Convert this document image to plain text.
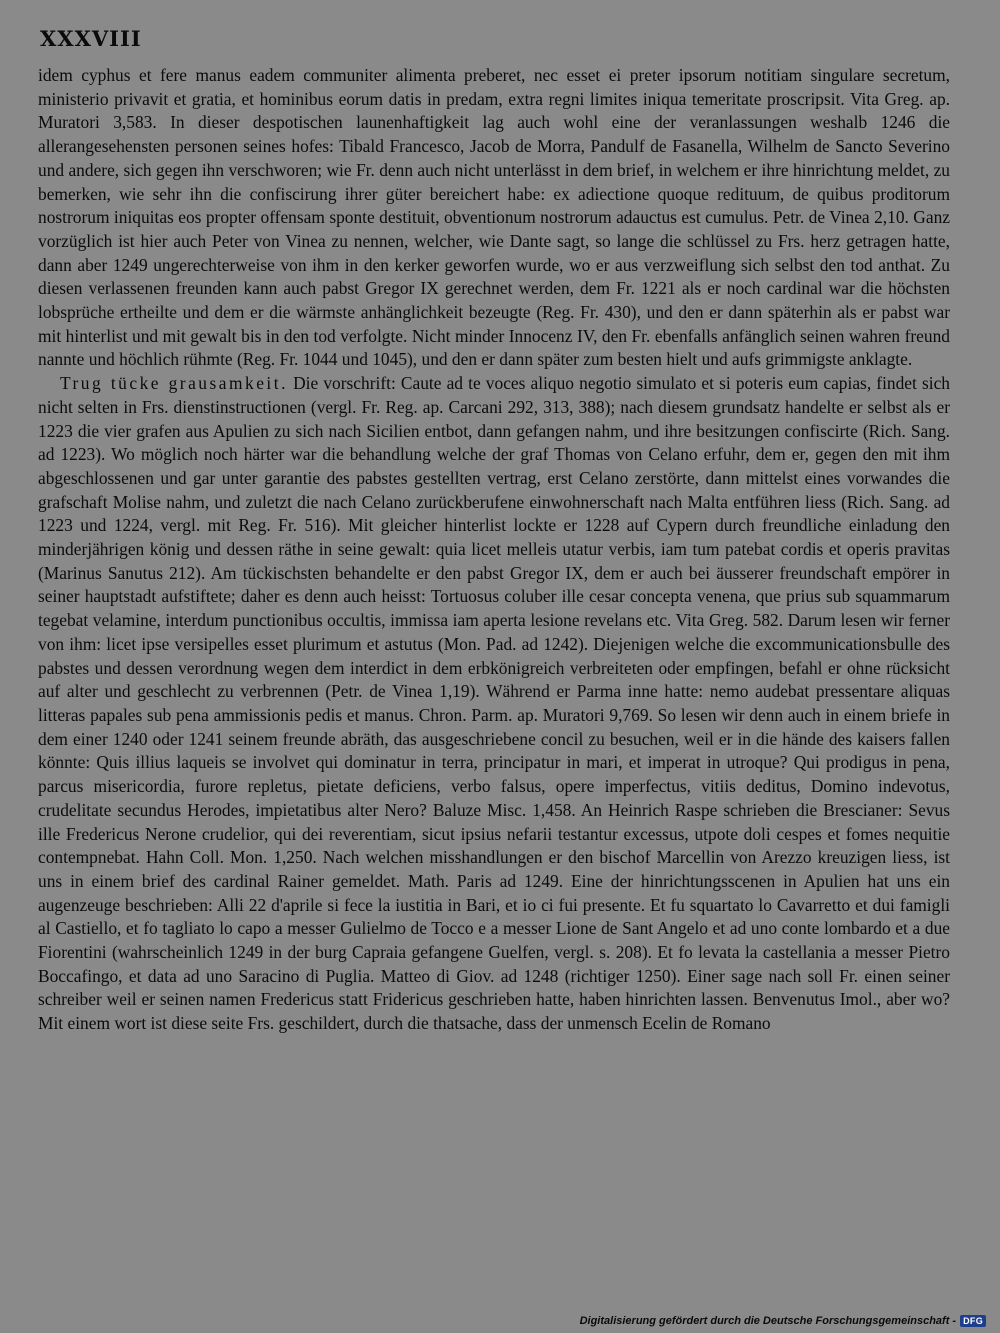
XXXVIII

idem cyphus et fere manus eadem communiter alimenta preberet, nec esset ei preter ipsorum notitiam singulare secretum, ministerio privavit et gratia, et hominibus eorum datis in predam, extra regni limites iniqua temeritate proscripsit. Vita Greg. ap. Muratori 3,583. In dieser despotischen launenhaftigkeit lag auch wohl eine der veranlassungen weshalb 1246 die allerangesehensten personen seines hofes: Tibald Francesco, Jacob de Morra, Pandulf de Fasanella, Wilhelm de Sancto Severino und andere, sich gegen ihn verschworen; wie Fr. denn auch nicht unterlässt in dem brief, in welchem er ihre hinrichtung meldet, zu bemerken, wie sehr ihn die confiscirung ihrer güter bereichert habe: ex adiectione quoque redituum, de quibus proditorum nostrorum iniquitas eos propter offensam sponte destituit, obventionum nostrorum adauctus est cumulus. Petr. de Vinea 2,10. Ganz vorzüglich ist hier auch Peter von Vinea zu nennen, welcher, wie Dante sagt, so lange die schlüssel zu Frs. herz getragen hatte, dann aber 1249 ungerechterweise von ihm in den kerker geworfen wurde, wo er aus verzweiflung sich selbst den tod anthat. Zu diesen verlassenen freunden kann auch pabst Gregor IX gerechnet werden, dem Fr. 1221 als er noch cardinal war die höchsten lobsprüche ertheilte und dem er die wärmste anhänglichkeit bezeugte (Reg. Fr. 430), und den er dann späterhin als er pabst war mit hinterlist und mit gewalt bis in den tod verfolgte. Nicht minder Innocenz IV, den Fr. ebenfalls anfänglich seinen wahren freund nannte und höchlich rühmte (Reg. Fr. 1044 und 1045), und den er dann später zum besten hielt und aufs grimmigste anklagte.

Trug tücke grausamkeit. Die vorschrift: Caute ad te voces aliquo negotio simulato et si poteris eum capias, findet sich nicht selten in Frs. dienstinstructionen (vergl. Fr. Reg. ap. Carcani 292, 313, 388); nach diesem grundsatz handelte er selbst als er 1223 die vier grafen aus Apulien zu sich nach Sicilien entbot, dann gefangen nahm, und ihre besitzungen confiscirte (Rich. Sang. ad 1223). Wo möglich noch härter war die behandlung welche der graf Thomas von Celano erfuhr, dem er, gegen den mit ihm abgeschlossenen und gar unter garantie des pabstes gestellten vertrag, erst Celano zerstörte, dann mittelst eines vorwandes die grafschaft Molise nahm, und zuletzt die nach Celano zurückberufene einwohnerschaft nach Malta entführen liess (Rich. Sang. ad 1223 und 1224, vergl. mit Reg. Fr. 516). Mit gleicher hinterlist lockte er 1228 auf Cypern durch freundliche einladung den minderjährigen könig und dessen räthe in seine gewalt: quia licet melleis utatur verbis, iam tum patebat cordis et operis pravitas (Marinus Sanutus 212). Am tückischsten behandelte er den pabst Gregor IX, dem er auch bei äusserer freundschaft empörer in seiner hauptstadt aufstiftete; daher es denn auch heisst: Tortuosus coluber ille cesar concepta venena, que prius sub squammarum tegebat velamine, interdum punctionibus occultis, immissa iam aperta lesione revelans etc. Vita Greg. 582. Darum lesen wir ferner von ihm: licet ipse versipelles esset plurimum et astutus (Mon. Pad. ad 1242). Diejenigen welche die excommunicationsbulle des pabstes und dessen verordnung wegen dem interdict in dem erbkönigreich verbreiteten oder empfingen, befahl er ohne rücksicht auf alter und geschlecht zu verbrennen (Petr. de Vinea 1,19). Während er Parma inne hatte: nemo audebat pressentare aliquas litteras papales sub pena ammissionis pedis et manus. Chron. Parm. ap. Muratori 9,769. So lesen wir denn auch in einem briefe in dem einer 1240 oder 1241 seinem freunde abräth, das ausgeschriebene concil zu besuchen, weil er in die hände des kaisers fallen könnte: Quis illius laqueis se involvet qui dominatur in terra, principatur in mari, et imperat in utroque? Qui prodigus in pena, parcus misericordia, furore repletus, pietate deficiens, verbo falsus, opere imperfectus, vitiis deditus, Domino indevotus, crudelitate secundus Herodes, impietatibus alter Nero? Baluze Misc. 1,458. An Heinrich Raspe schrieben die Brescianer: Sevus ille Fredericus Nerone crudelior, qui dei reverentiam, sicut ipsius nefarii testantur excessus, utpote doli cespes et fomes nequitie contempnebat. Hahn Coll. Mon. 1,250. Nach welchen misshandlungen er den bischof Marcellin von Arezzo kreuzigen liess, ist uns in einem brief des cardinal Rainer gemeldet. Math. Paris ad 1249. Eine der hinrichtungsscenen in Apulien hat uns ein augenzeuge beschrieben: Alli 22 d'aprile si fece la iustitia in Bari, et io ci fui presente. Et fu squartato lo Cavarretto et dui famigli al Castiello, et fo tagliato lo capo a messer Gulielmo de Tocco e a messer Lione de Sant Angelo et ad uno conte lombardo et a due Fiorentini (wahrscheinlich 1249 in der burg Capraia gefangene Guelfen, vergl. s. 208). Et fo levata la castellania a messer Pietro Boccafingo, et data ad uno Saracino di Puglia. Matteo di Giov. ad 1248 (richtiger 1250). Einer sage nach soll Fr. einen seiner schreiber weil er seinen namen Fredericus statt Fridericus geschrieben hatte, haben hinrichten lassen. Benvenutus Imol., aber wo? Mit einem wort ist diese seite Frs. geschildert, durch die thatsache, dass der unmensch Ecelin de Romano

Digitalisierung gefördert durch die Deutsche Forschungsgemeinschaft - DFG
